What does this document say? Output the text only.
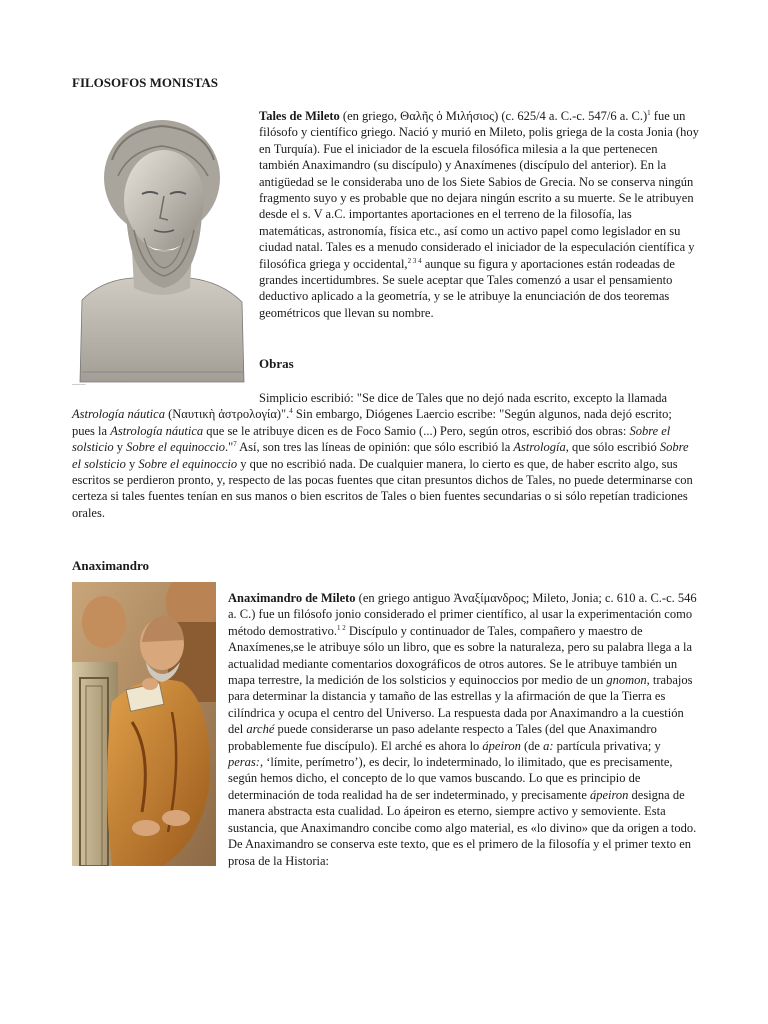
FILOSOFOS MONISTAS
~~~~~
Tales de Mileto (en griego, Θαλῆς ὁ Μιλήσιος) (c. 625/4 a. C.-c. 547/6 a. C.)$^1$ fue un filósofo y científico griego. Nació y murió en Mileto, polis griega de la costa Jonia (hoy en Turquía). Fue el iniciador de la escuela filosófica milesia a la que pertenecen también Anaximandro (su discípulo) y Anaxímenes (discípulo del anterior). En la antigüedad se le consideraba uno de los Siete Sabios de Grecia. No se conserva ningún fragmento suyo y es probable que no dejara ningún escrito a su muerte. Se le atribuyen desde el s. V a.C. importantes aportaciones en el terreno de la filosofía, las matemáticas, astronomía, física etc., así como un activo papel como legislador en su ciudad natal. Tales es a menudo considerado el iniciador de la especulación científica y filosófica griega y occidental,$^{2 3 4}$ aunque su figura y aportaciones están rodeadas de grandes incertidumbres. Se suele aceptar que Tales comenzó a usar el pensamiento deductivo aplicado a la geometría, y se le atribuye la enunciación de dos teoremas geométricos que llevan su nombre.
Obras
Simplicio escribió: "Se dice de Tales que no dejó nada escrito, excepto la llamada Astrología náutica (Ναυτικὴ ἀστρολογία)".$^4$ Sin embargo, Diógenes Laercio escribe: "Según algunos, nada dejó escrito; pues la Astrología náutica que se le atribuye dicen es de Foco Samio (...) Pero, según otros, escribió dos obras: Sobre el solsticio y Sobre el equinoccio."$^7$ Así, son tres las líneas de opinión: que sólo escribió la Astrología, que sólo escribió Sobre el solsticio y Sobre el equinoccio y que no escribió nada. De cualquier manera, lo cierto es que, de haber escrito algo, sus escritos se perdieron pronto, y, respecto de las pocas fuentes que citan presuntos dichos de Tales, no puede determinarse con certeza si tales fuentes tenían en sus manos o bien escritos de Tales o bien fuentes secundarias o si sólo repetían tradiciones orales.
Anaximandro
Anaximandro de Mileto (en griego antiguo Ἀναξίμανδρος; Mileto, Jonia; c. 610 a. C.-c. 546 a. C.) fue un filósofo jonio considerado el primer científico, al usar la experimentación como método demostrativo.$^{1 2}$ Discípulo y continuador de Tales, compañero y maestro de Anaxímenes,se le atribuye sólo un libro, que es sobre la naturaleza, pero su palabra llega a la actualidad mediante comentarios doxográficos de otros autores. Se le atribuye también un mapa terrestre, la medición de los solsticios y equinoccios por medio de un gnomon, trabajos para determinar la distancia y tamaño de las estrellas y la afirmación de que la Tierra es cilíndrica y ocupa el centro del Universo. La respuesta dada por Anaximandro a la cuestión del arché puede considerarse un paso adelante respecto a Tales (del que Anaximandro probablemente fue discípulo). El arché es ahora lo ápeiron (de a: partícula privativa; y peras:, ‘límite, perímetro’), es decir, lo indeterminado, lo ilimitado, que es precisamente, según hemos dicho, el concepto de lo que vamos buscando. Lo que es principio de determinación de toda realidad ha de ser indeterminado, y precisamente ápeiron designa de manera abstracta esta cualidad. Lo ápeiron es eterno, siempre activo y semoviente. Esta sustancia, que Anaximandro concibe como algo material, es «lo divino» que da origen a todo. De Anaximandro se conserva este texto, que es el primero de la filosofía y el primer texto en prosa de la Historia:
